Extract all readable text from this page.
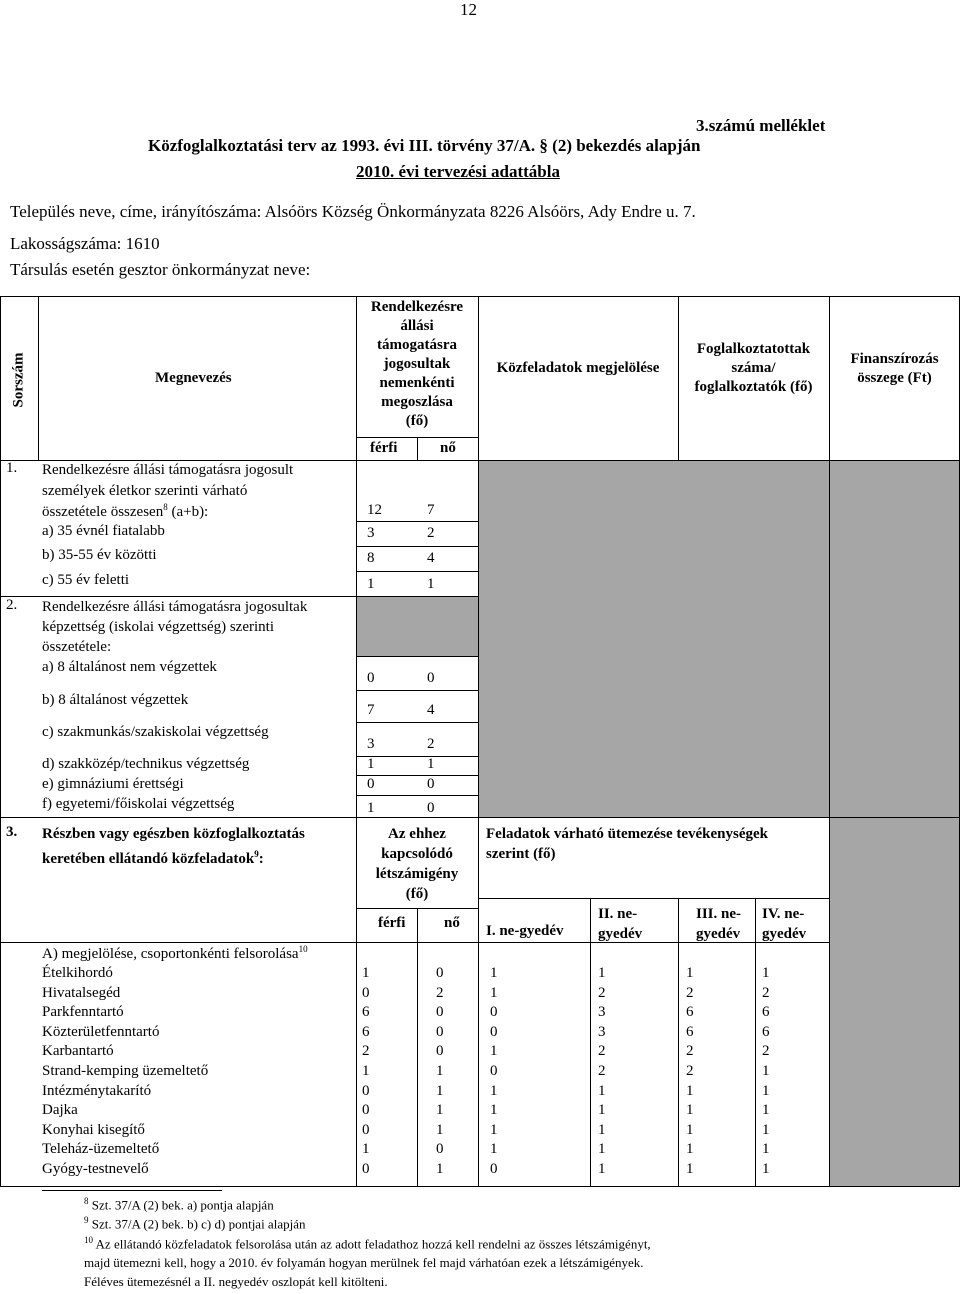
12
3.számú melléklet
Közfoglalkoztatási terv az 1993. évi III. törvény 37/A. § (2) bekezdés alapján
2010. évi tervezési adattábla
Település neve, címe, irányítószáma: Alsóörs Község Önkormányzata 8226 Alsóörs, Ady Endre u. 7.
Lakosságszáma: 1610
Társulás esetén gesztor önkormányzat neve:
Sorszám	Megnevezés
Rendelkezésre
állási
támogatásra
jogosultak
nemenkénti
megoszlása
(fő)
férfi	nő
Közfeladatok megjelölése
Foglalkoztatottak
száma/
foglalkoztatók (fő)
Finanszírozás
összege (Ft)
1. Rendelkezésre állási támogatásra jogosult
személyek életkor szerinti várható
összetétele összesen$^8$ (a+b):	12	7
a) 35 évnél fiatalabb	3	2
b) 35-55 év közötti	8	4
c) 55 év feletti	1	1
2. Rendelkezésre állási támogatásra jogosultak
képzettség (iskolai végzettség) szerinti
összetétele:
a) 8 általánost nem végzettek
0	0
b) 8 általánost végzettek
7	4
c) szakmunkás/szakiskolai végzettség
3	2
d) szakközép/technikus végzettség	1	1
e) gimnáziumi érettségi	0	0
f) egyetemi/főiskolai végzettség	1	0
3. Részben vagy egészben közfoglalkoztatás
keretében ellátandó közfeladatok$^9$:
Az ehhez
kapcsolódó
létszámigény
(fő)
férfi	nő
Feladatok várható ütemezése tevékenységek
szerint (fő)
I. ne-gyedév
II. ne-
gyedév
III. ne-
gyedév
IV. ne-
gyedév
A) megjelölése, csoportonkénti felsorolása$^{10}$
Ételkihordó	1	0	1	1	1	1
Hivatalsegéd	0	2	1	2	2	2
Parkfenntartó	6	0	0	3	6	6
Közterületfenntartó	6	0	0	3	6	6
Karbantartó	2	0	1	2	2	2
Strand-kemping üzemeltető	1	1	0	2	2	1
Intézménytakarító	0	1	1	1	1	1
Dajka	0	1	1	1	1	1
Konyhai kisegítő	0	1	1	1	1	1
Teleház-üzemeltető	1	0	1	1	1	1
Gyógy-testnevelő	0	1	0	1	1	1
$^8$ Szt. 37/A (2) bek. a) pontja alapján
$^9$ Szt. 37/A (2) bek. b) c) d) pontjai alapján
$^{10}$ Az ellátandó közfeladatok felsorolása után az adott feladathoz hozzá kell rendelni az összes létszámigényt,
majd ütemezni kell, hogy a 2010. év folyamán hogyan merülnek fel majd várhatóan ezek a létszámigények.
Féléves ütemezésnél a II. negyedév oszlopát kell kitölteni.
